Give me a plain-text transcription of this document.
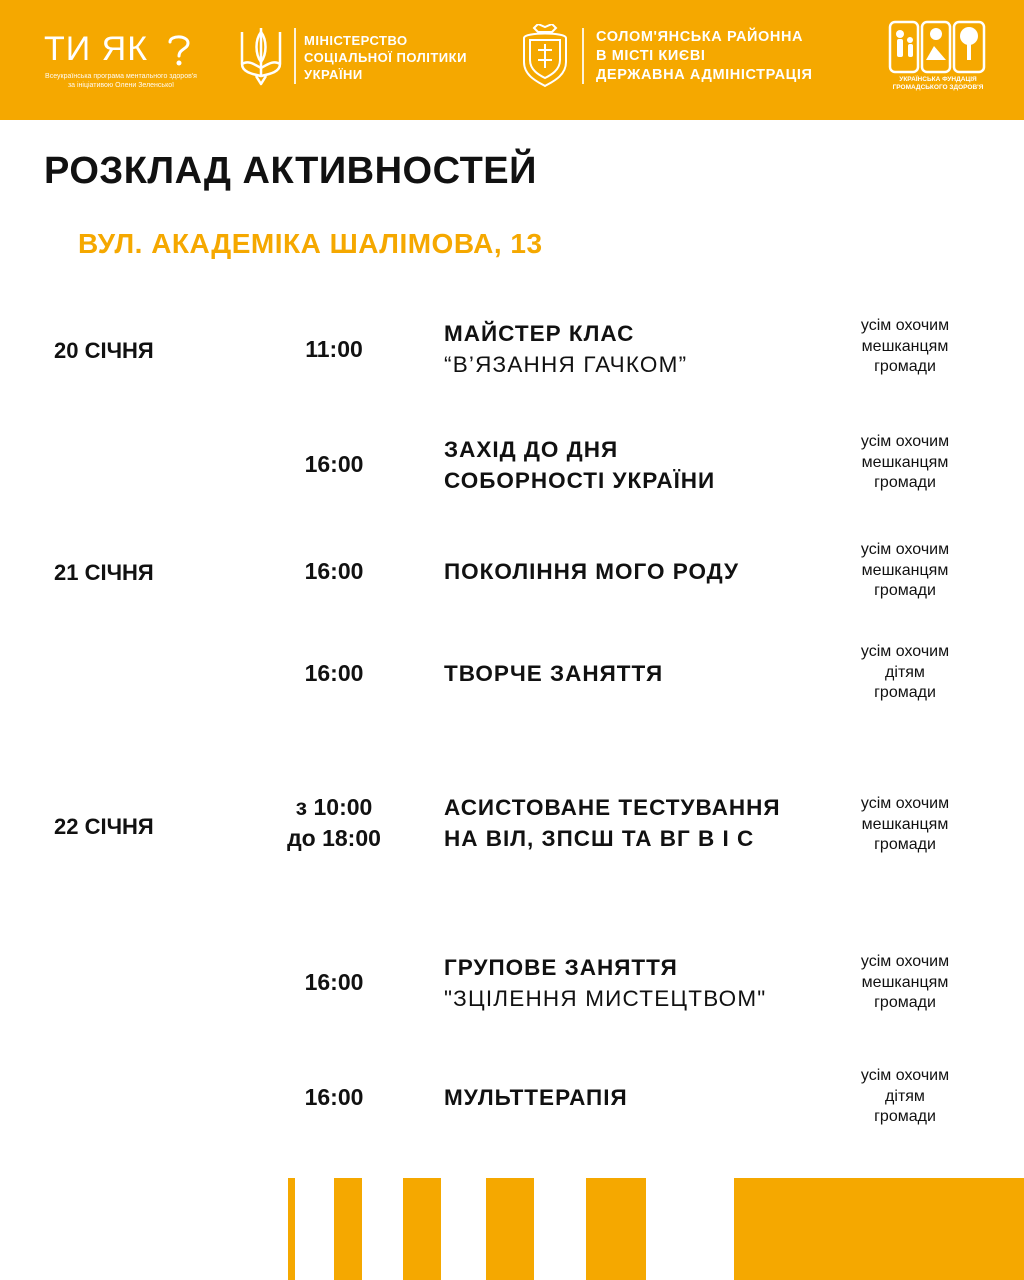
ТИ ЯК
Всеукраїнська програма ментального здоров'я
за ініціативою Олени Зеленської
МІНІСТЕРСТВО
СОЦІАЛЬНОЇ ПОЛІТИКИ
УКРАЇНИ
СОЛОМ'ЯНСЬКА РАЙОННА
В МІСТІ КИЄВІ
ДЕРЖАВНА АДМІНІСТРАЦІЯ	УКРАЇНСЬКА ФУНДАЦІЯ
ГРОМАДСЬКОГО ЗДОРОВ'Я
РОЗКЛАД АКТИВНОСТЕЙ
ВУЛ. АКАДЕМІКА ШАЛІМОВА, 13
20 СІЧНЯ	11:00
МАЙСТЕР КЛАС
“В’ЯЗАННЯ ГАЧКОМ”
усім охочим
мешканцям
громади
16:00
ЗАХІД ДО ДНЯ
СОБОРНОСТІ УКРАЇНИ
усім охочим
мешканцям
громади
21 СІЧНЯ	16:00	ПОКОЛІННЯ МОГО РОДУ
усім охочим
мешканцям
громади
16:00	ТВОРЧЕ ЗАНЯТТЯ
усім охочим
дітям
громади
22 СІЧНЯ
з 10:00
до 18:00
АСИСТОВАНЕ ТЕСТУВАННЯ
НА ВІЛ, ЗПСШ ТА ВГ В І С
усім охочим
мешканцям
громади
16:00
ГРУПОВЕ ЗАНЯТТЯ
"ЗЦІЛЕННЯ МИСТЕЦТВОМ"
усім охочим
мешканцям
громади
16:00	МУЛЬТТЕРАПІЯ
усім охочим
дітям
громади
